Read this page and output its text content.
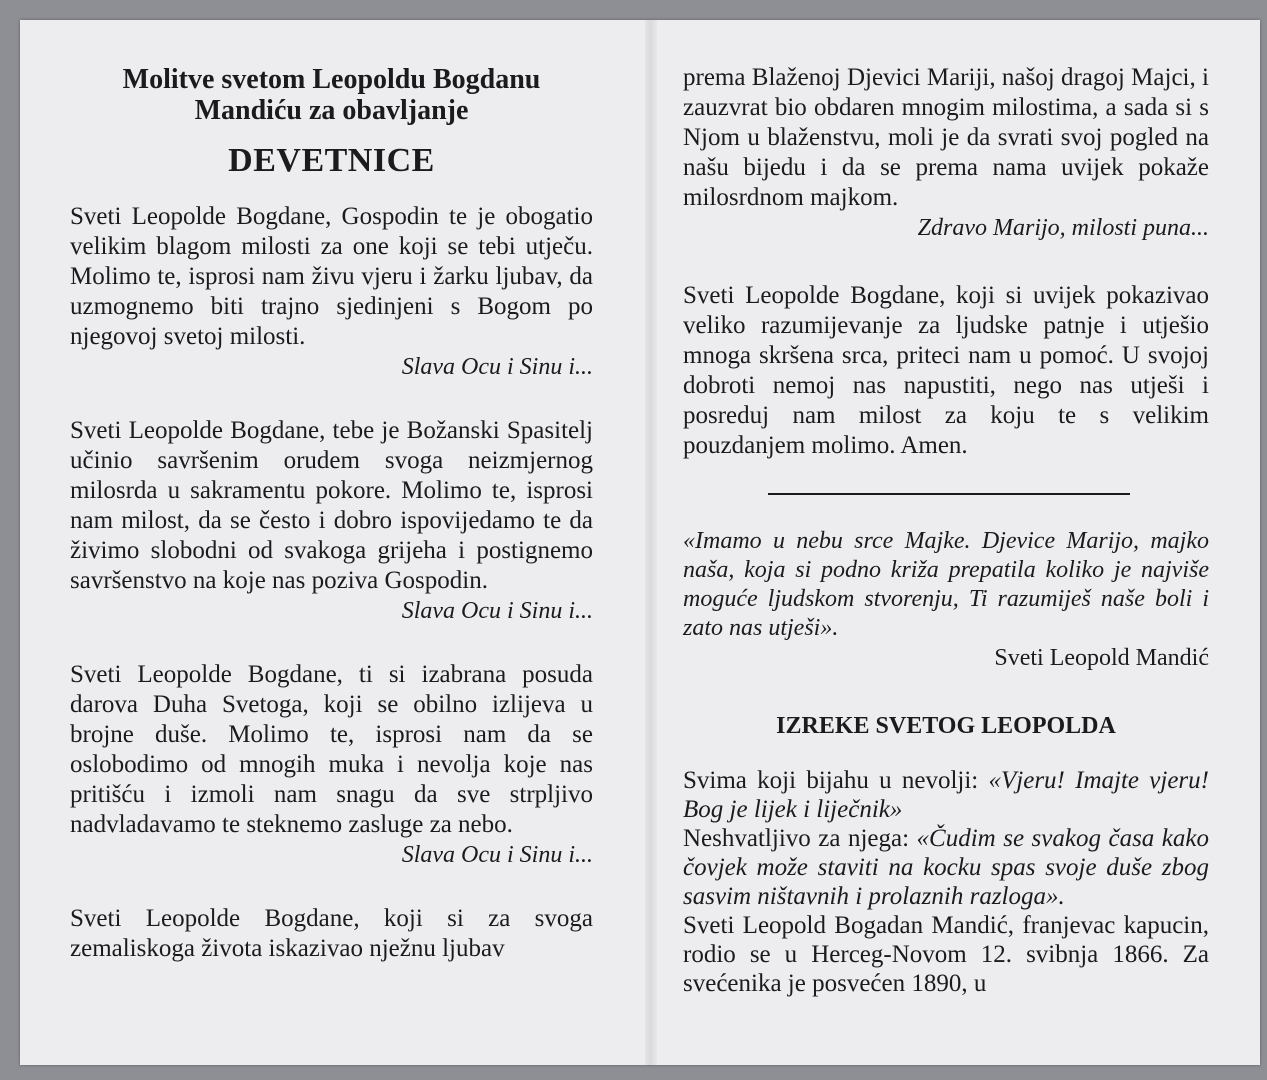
Molitve svetom Leopoldu Bogdanu
Mandiću za obavljanje
DEVETNICE

Sveti Leopolde Bogdane, Gospodin te je obogatio velikim blagom milosti za one koji se tebi utječu. Molimo te, isprosi nam živu vjeru i žarku ljubav, da uzmognemo biti trajno sjedinjeni s Bogom po njegovoj svetoj milosti.

Slava Ocu i Sinu i...

Sveti Leopolde Bogdane, tebe je Božanski Spasitelj učinio savršenim orudem svoga neizmjernog milosrda u sakramentu pokore. Molimo te, isprosi nam milost, da se često i dobro ispovijedamo te da živimo slobodni od svakoga grijeha i postignemo savršenstvo na koje nas poziva Gospodin.

Slava Ocu i Sinu i...

Sveti Leopolde Bogdane, ti si izabrana posuda darova Duha Svetoga, koji se obilno izlijeva u brojne duše. Molimo te, isprosi nam da se oslobodimo od mnogih muka i nevolja koje nas pritišću i izmoli nam snagu da sve strpljivo nadvladavamo te steknemo zasluge za nebo.

Slava Ocu i Sinu i...

Sveti Leopolde Bogdane, koji si za svoga zemaliskoga života iskazivao nježnu ljubav

prema Blaženoj Djevici Mariji, našoj dragoj Majci, i zauzvrat bio obdaren mnogim milostima, a sada si s Njom u blaženstvu, moli je da svrati svoj pogled na našu bijedu i da se prema nama uvijek pokaže milosrdnom majkom.

Zdravo Marijo, milosti puna...

Sveti Leopolde Bogdane, koji si uvijek pokazivao veliko razumijevanje za ljudske patnje i utješio mnoga skršena srca, priteci nam u pomoć. U svojoj dobroti nemoj nas napustiti, nego nas utješi i posreduj nam milost za koju te s velikim pouzdanjem molimo. Amen.

«Imamo u nebu srce Majke. Djevice Marijo, majko naša, koja si podno križa prepatila koliko je najviše moguće ljudskom stvorenju, Ti razumiješ naše boli i zato nas utješi».

Sveti Leopold Mandić

IZREKE SVETOG LEOPOLDA

Svima koji bijahu u nevolji: «Vjeru! Imajte vjeru! Bog je lijek i liječnik»

Neshvatljivo za njega: «Čudim se svakog časa kako čovjek može staviti na kocku spas svoje duše zbog sasvim ništavnih i prolaznih razloga».

Sveti Leopold Bogadan Mandić, franjevac kapucin, rodio se u Herceg-Novom 12. svibnja 1866. Za svećenika je posvećen 1890, u
